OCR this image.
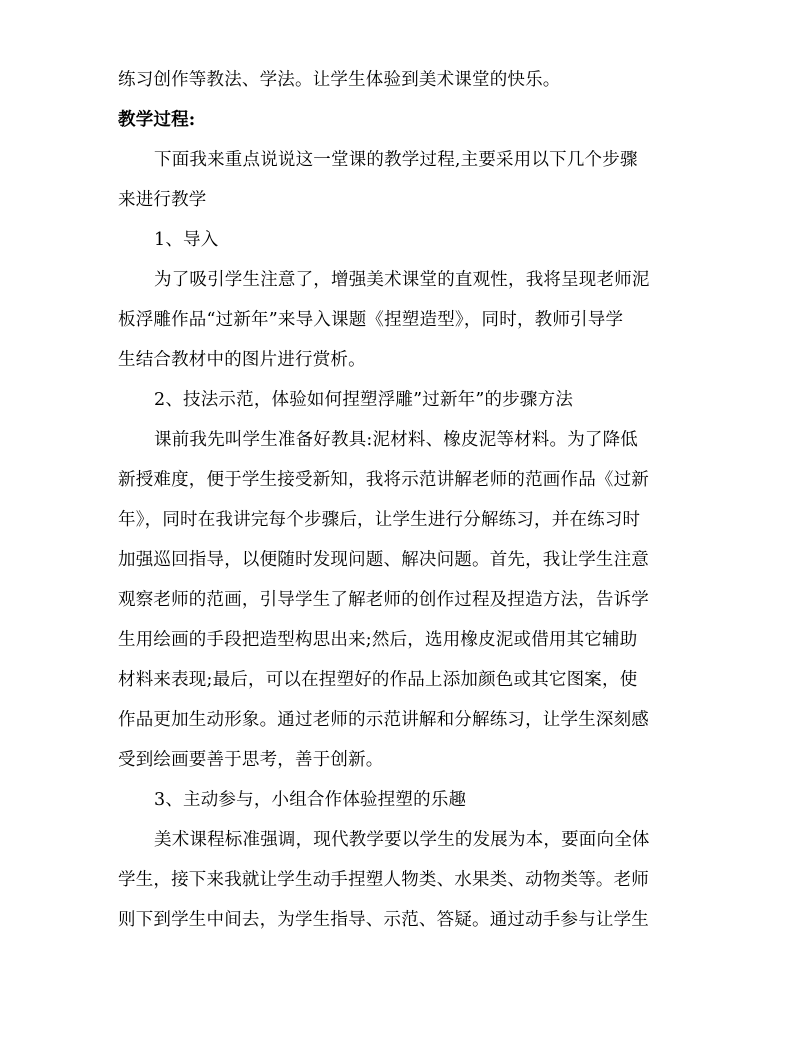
练习创作等教法、学法。让学生体验到美术课堂的快乐。
教学过程:
下面我来重点说说这一堂课的教学过程,主要采用以下几个步骤
来进行教学
1、导入
为了吸引学生注意了，增强美术课堂的直观性，我将呈现老师泥
板浮雕作品“过新年”来导入课题《捏塑造型》，同时，教师引导学
生结合教材中的图片进行赏析。
2、技法示范，体验如何捏塑浮雕”过新年”的步骤方法
课前我先叫学生准备好教具:泥材料、橡皮泥等材料。为了降低
新授难度，便于学生接受新知，我将示范讲解老师的范画作品《过新
年》，同时在我讲完每个步骤后，让学生进行分解练习，并在练习时
加强巡回指导，以便随时发现问题、解决问题。首先，我让学生注意
观察老师的范画，引导学生了解老师的创作过程及捏造方法，告诉学
生用绘画的手段把造型构思出来;然后，选用橡皮泥或借用其它辅助
材料来表现;最后，可以在捏塑好的作品上添加颜色或其它图案，使
作品更加生动形象。通过老师的示范讲解和分解练习，让学生深刻感
受到绘画要善于思考，善于创新。
3、主动参与，小组合作体验捏塑的乐趣
美术课程标准强调，现代教学要以学生的发展为本，要面向全体
学生，接下来我就让学生动手捏塑人物类、水果类、动物类等。老师
则下到学生中间去，为学生指导、示范、答疑。通过动手参与让学生
